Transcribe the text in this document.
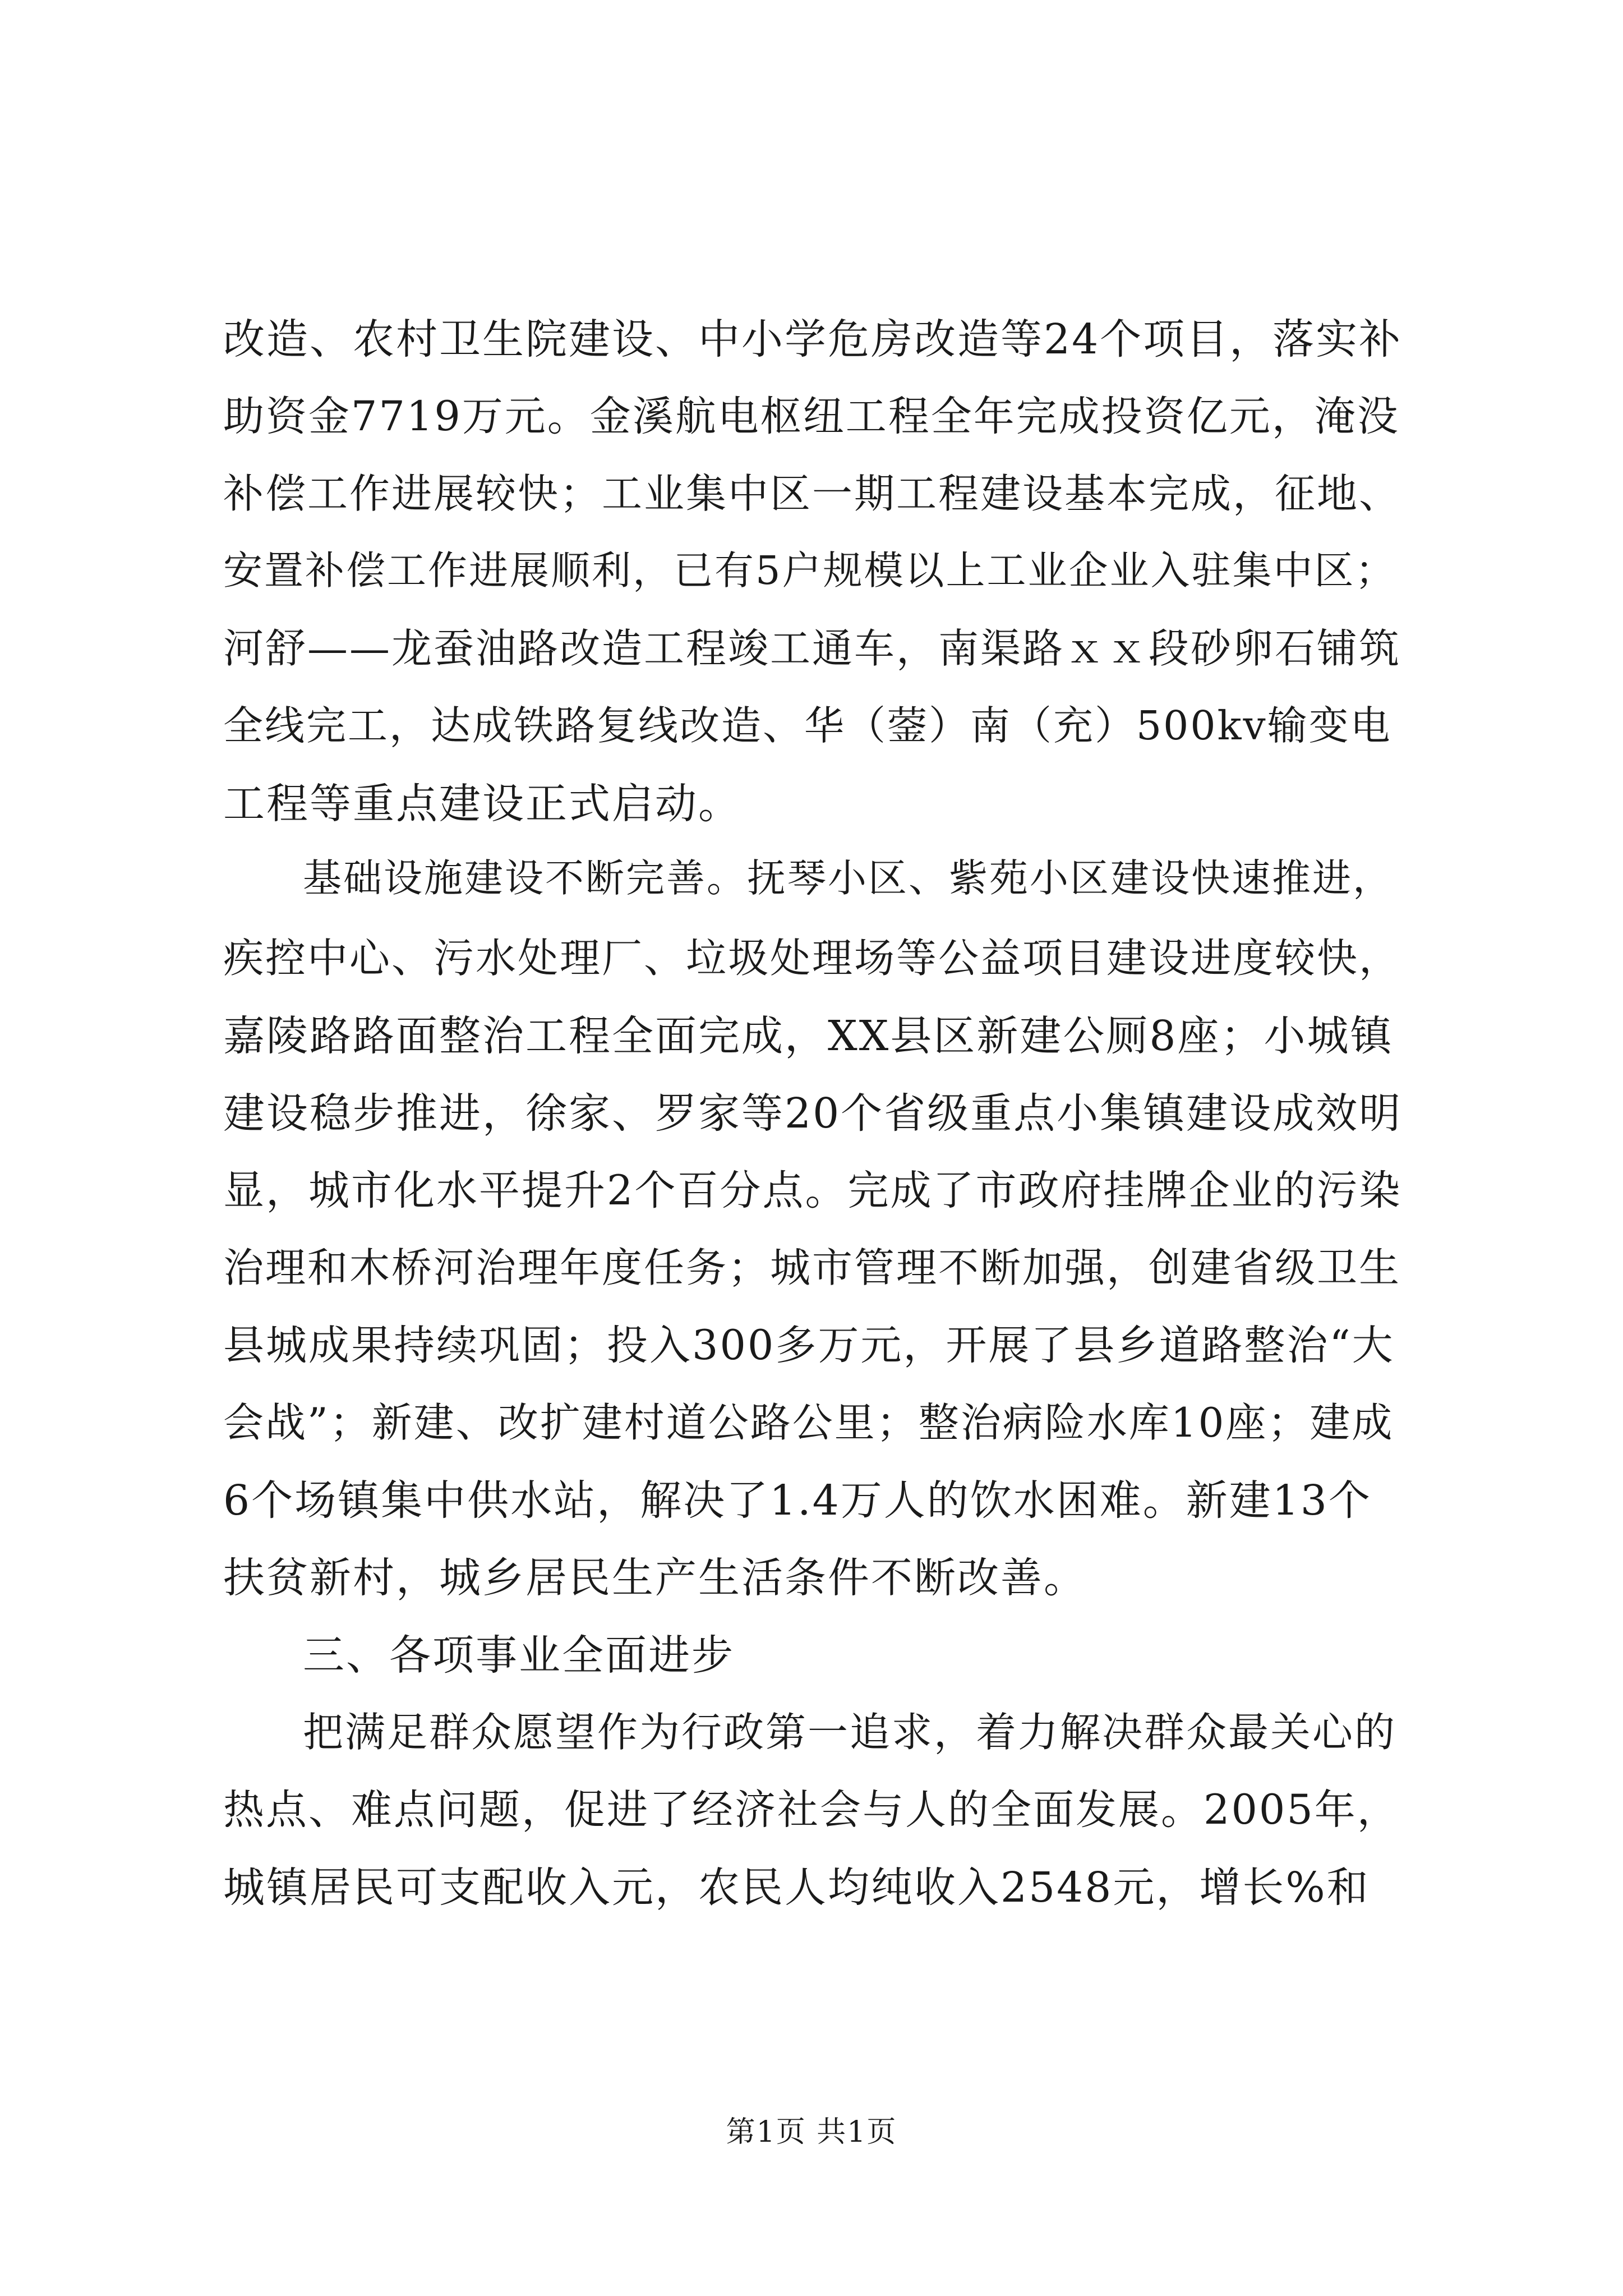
改造、农村卫生院建设、中小学危房改造等24个项目，落实补
助资金7719万元。金溪航电枢纽工程全年完成投资亿元，淹没
补偿工作进展较快；工业集中区一期工程建设基本完成，征地、
安置补偿工作进展顺利，已有5户规模以上工业企业入驻集中区；
河舒——龙蚕油路改造工程竣工通车，南渠路ｘｘ段砂卵石铺筑
全线完工，达成铁路复线改造、华（蓥）南（充）500kv输变电
工程等重点建设正式启动。
基础设施建设不断完善。抚琴小区、紫苑小区建设快速推进，
疾控中心、污水处理厂、垃圾处理场等公益项目建设进度较快，
嘉陵路路面整治工程全面完成，XX县区新建公厕8座；小城镇
建设稳步推进，徐家、罗家等20个省级重点小集镇建设成效明
显，城市化水平提升2个百分点。完成了市政府挂牌企业的污染
治理和木桥河治理年度任务；城市管理不断加强，创建省级卫生
县城成果持续巩固；投入300多万元，开展了县乡道路整治“大
会战”；新建、改扩建村道公路公里；整治病险水库10座；建成
6个场镇集中供水站，解决了1.4万人的饮水困难。新建13个
扶贫新村，城乡居民生产生活条件不断改善。
三、各项事业全面进步
把满足群众愿望作为行政第一追求，着力解决群众最关心的
热点、难点问题，促进了经济社会与人的全面发展。2005年，
城镇居民可支配收入元，农民人均纯收入2548元，增长%和
第1页 共1页
